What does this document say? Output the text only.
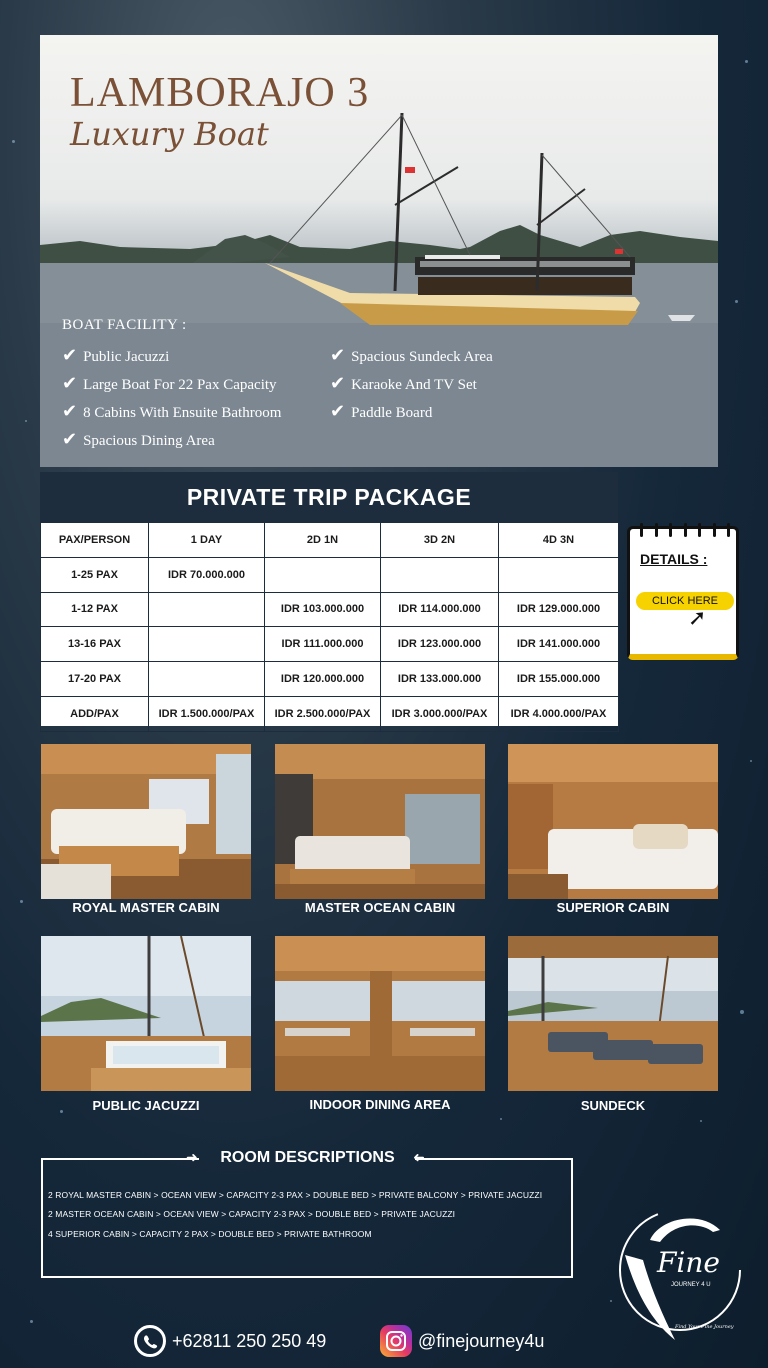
LAMBORAJO 3
Luxury Boat
BOAT FACILITY :
✔ Public Jacuzzi
✔ Large Boat For 22 Pax Capacity
✔ 8 Cabins With Ensuite Bathroom
✔ Spacious Dining Area
✔ Spacious Sundeck Area
✔ Karaoke And TV Set
✔ Paddle Board
PRIVATE TRIP PACKAGE
PAX/PERSON	1 DAY	2D 1N	3D 2N	4D 3N
1-25 PAX	IDR 70.000.000			
1-12 PAX		IDR 103.000.000	IDR 114.000.000	IDR 129.000.000
13-16 PAX		IDR 111.000.000	IDR 123.000.000	IDR 141.000.000
17-20 PAX		IDR 120.000.000	IDR 133.000.000	IDR 155.000.000
ADD/PAX	IDR 1.500.000/PAX	IDR 2.500.000/PAX	IDR 3.000.000/PAX	IDR 4.000.000/PAX
DETAILS :
CLICK HERE
➚
ROYAL MASTER CABIN	MASTER OCEAN CABIN	SUPERIOR CABIN
PUBLIC JACUZZI	INDOOR DINING AREA	SUNDECK
➜	➜
ROOM DESCRIPTIONS
2 ROYAL MASTER CABIN > OCEAN VIEW > CAPACITY 2-3 PAX > DOUBLE BED > PRIVATE BALCONY > PRIVATE JACUZZI
2 MASTER OCEAN CABIN > OCEAN VIEW > CAPACITY 2-3 PAX > DOUBLE BED > PRIVATE JACUZZI
4 SUPERIOR CABIN > CAPACITY 2 PAX > DOUBLE BED > PRIVATE BATHROOM
Fine
JOURNEY 4 U
Find Your Fine Journey
+62811 250 250 49	@finejourney4u
